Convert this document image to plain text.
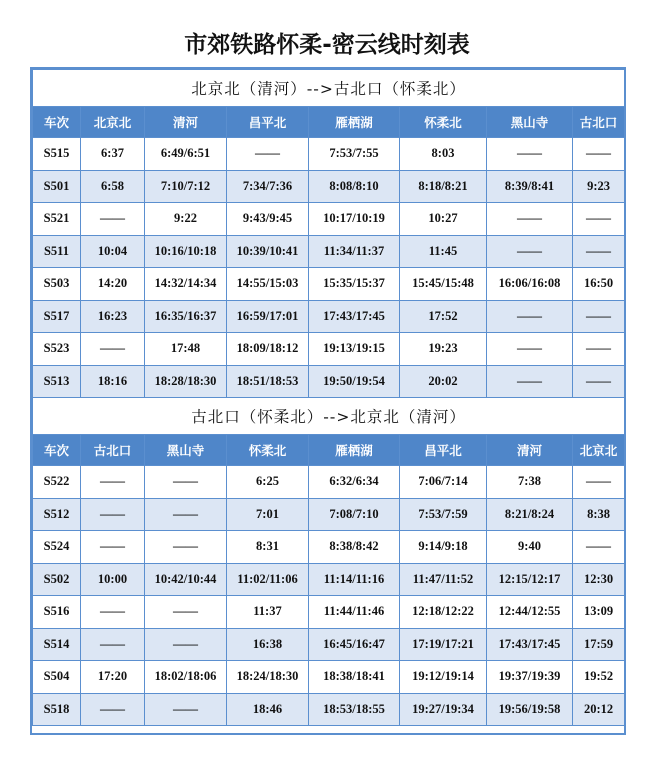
市郊铁路怀柔-密云线时刻表
北京北（清河）-->古北口（怀柔北）							
车次	北京北	清河	昌平北	雁栖湖	怀柔北	黑山寺	古北口
S515	6:37	6:49/6:51	——	7:53/7:55	8:03	——	——
S501	6:58	7:10/7:12	7:34/7:36	8:08/8:10	8:18/8:21	8:39/8:41	9:23
S521	——	9:22	9:43/9:45	10:17/10:19	10:27	——	——
S511	10:04	10:16/10:18	10:39/10:41	11:34/11:37	11:45	——	——
S503	14:20	14:32/14:34	14:55/15:03	15:35/15:37	15:45/15:48	16:06/16:08	16:50
S517	16:23	16:35/16:37	16:59/17:01	17:43/17:45	17:52	——	——
S523	——	17:48	18:09/18:12	19:13/19:15	19:23	——	——
S513	18:16	18:28/18:30	18:51/18:53	19:50/19:54	20:02	——	——
古北口（怀柔北）-->北京北（清河）							
车次	古北口	黑山寺	怀柔北	雁栖湖	昌平北	清河	北京北
S522	——	——	6:25	6:32/6:34	7:06/7:14	7:38	——
S512	——	——	7:01	7:08/7:10	7:53/7:59	8:21/8:24	8:38
S524	——	——	8:31	8:38/8:42	9:14/9:18	9:40	——
S502	10:00	10:42/10:44	11:02/11:06	11:14/11:16	11:47/11:52	12:15/12:17	12:30
S516	——	——	11:37	11:44/11:46	12:18/12:22	12:44/12:55	13:09
S514	——	——	16:38	16:45/16:47	17:19/17:21	17:43/17:45	17:59
S504	17:20	18:02/18:06	18:24/18:30	18:38/18:41	19:12/19:14	19:37/19:39	19:52
S518	——	——	18:46	18:53/18:55	19:27/19:34	19:56/19:58	20:12
